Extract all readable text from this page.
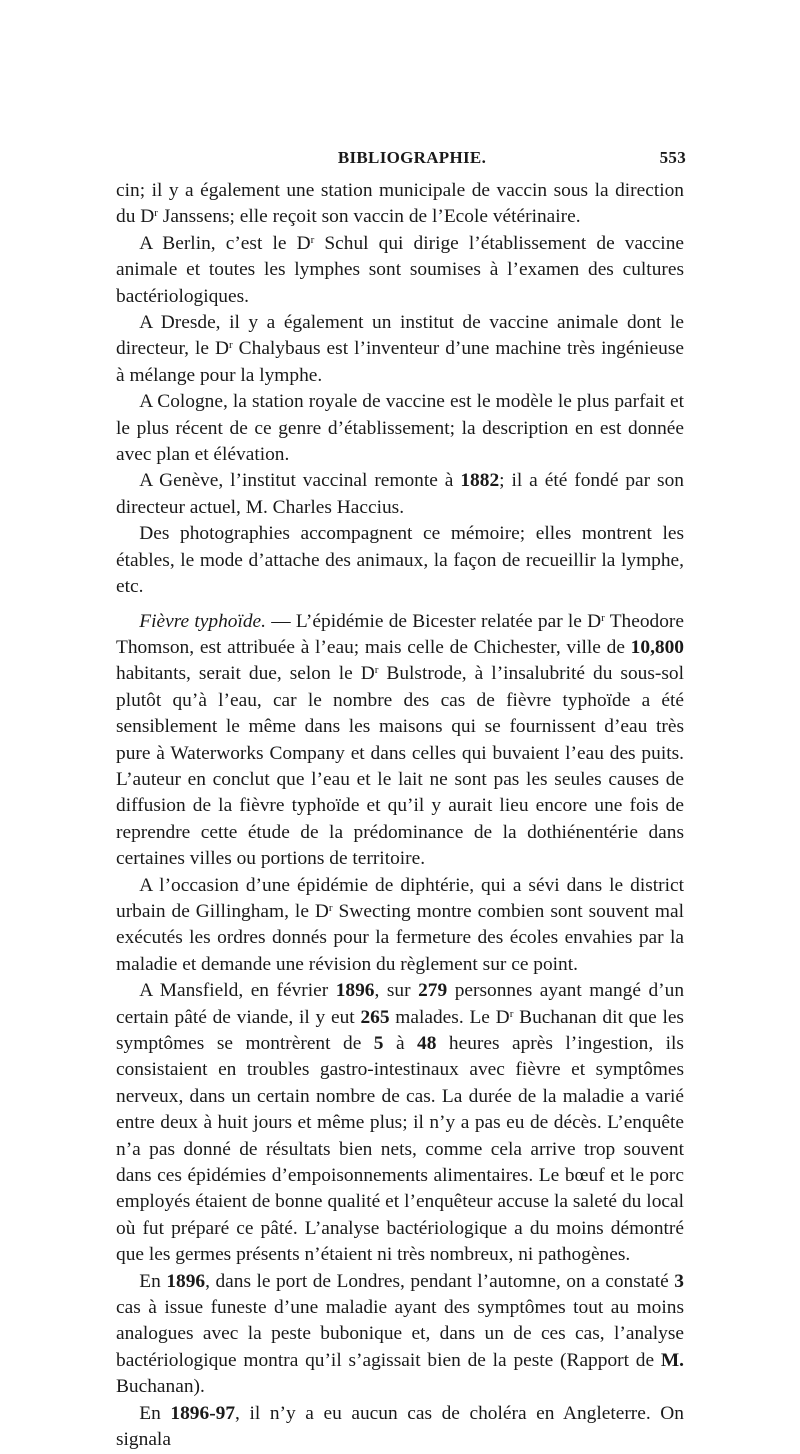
BIBLIOGRAPHIE.	553

cin; il y a également une station municipale de vaccin sous la direction du $D^r$ Janssens; elle reçoit son vaccin de l’Ecole vétérinaire.

A Berlin, c’est le $D^r$ Schul qui dirige l’établissement de vaccine animale et toutes les lymphes sont soumises à l’examen des cultures bactériologiques.

A Dresde, il y a également un institut de vaccine animale dont le directeur, le $D^r$ Chalybaus est l’inventeur d’une machine très ingénieuse à mélange pour la lymphe.

A Cologne, la station royale de vaccine est le modèle le plus parfait et le plus récent de ce genre d’établissement; la description en est donnée avec plan et élévation.

A Genève, l’institut vaccinal remonte à 1882; il a été fondé par son directeur actuel, M. Charles Haccius.

Des photographies accompagnent ce mémoire; elles montrent les étables, le mode d’attache des animaux, la façon de recueillir la lymphe, etc.

Fièvre typhoïde. — L’épidémie de Bicester relatée par le $D^r$ Theodore Thomson, est attribuée à l’eau; mais celle de Chichester, ville de 10,800 habitants, serait due, selon le $D^r$ Bulstrode, à l’insalubrité du sous-sol plutôt qu’à l’eau, car le nombre des cas de fièvre typhoïde a été sensiblement le même dans les maisons qui se fournissent d’eau très pure à Waterworks Company et dans celles qui buvaient l’eau des puits. L’auteur en conclut que l’eau et le lait ne sont pas les seules causes de diffusion de la fièvre typhoïde et qu’il y aurait lieu encore une fois de reprendre cette étude de la prédominance de la dothiénentérie dans certaines villes ou portions de territoire.

A l’occasion d’une épidémie de diphtérie, qui a sévi dans le district urbain de Gillingham, le $D^r$ Swecting montre combien sont souvent mal exécutés les ordres donnés pour la fermeture des écoles envahies par la maladie et demande une révision du règlement sur ce point.

A Mansfield, en février 1896, sur 279 personnes ayant mangé d’un certain pâté de viande, il y eut 265 malades. Le $D^r$ Buchanan dit que les symptômes se montrèrent de 5 à 48 heures après l’ingestion, ils consistaient en troubles gastro-intestinaux avec fièvre et symptômes nerveux, dans un certain nombre de cas. La durée de la maladie a varié entre deux à huit jours et même plus; il n’y a pas eu de décès. L’enquête n’a pas donné de résultats bien nets, comme cela arrive trop souvent dans ces épidémies d’empoisonnements alimentaires. Le bœuf et le porc employés étaient de bonne qualité et l’enquêteur accuse la saleté du local où fut préparé ce pâté. L’analyse bactériologique a du moins démontré que les germes présents n’étaient ni très nombreux, ni pathogènes.

En 1896, dans le port de Londres, pendant l’automne, on a constaté 3 cas à issue funeste d’une maladie ayant des symptômes tout au moins analogues avec la peste bubonique et, dans un de ces cas, l’analyse bactériologique montra qu’il s’agissait bien de la peste (Rapport de M. Buchanan).

En 1896-97, il n’y a eu aucun cas de choléra en Angleterre. On signala
